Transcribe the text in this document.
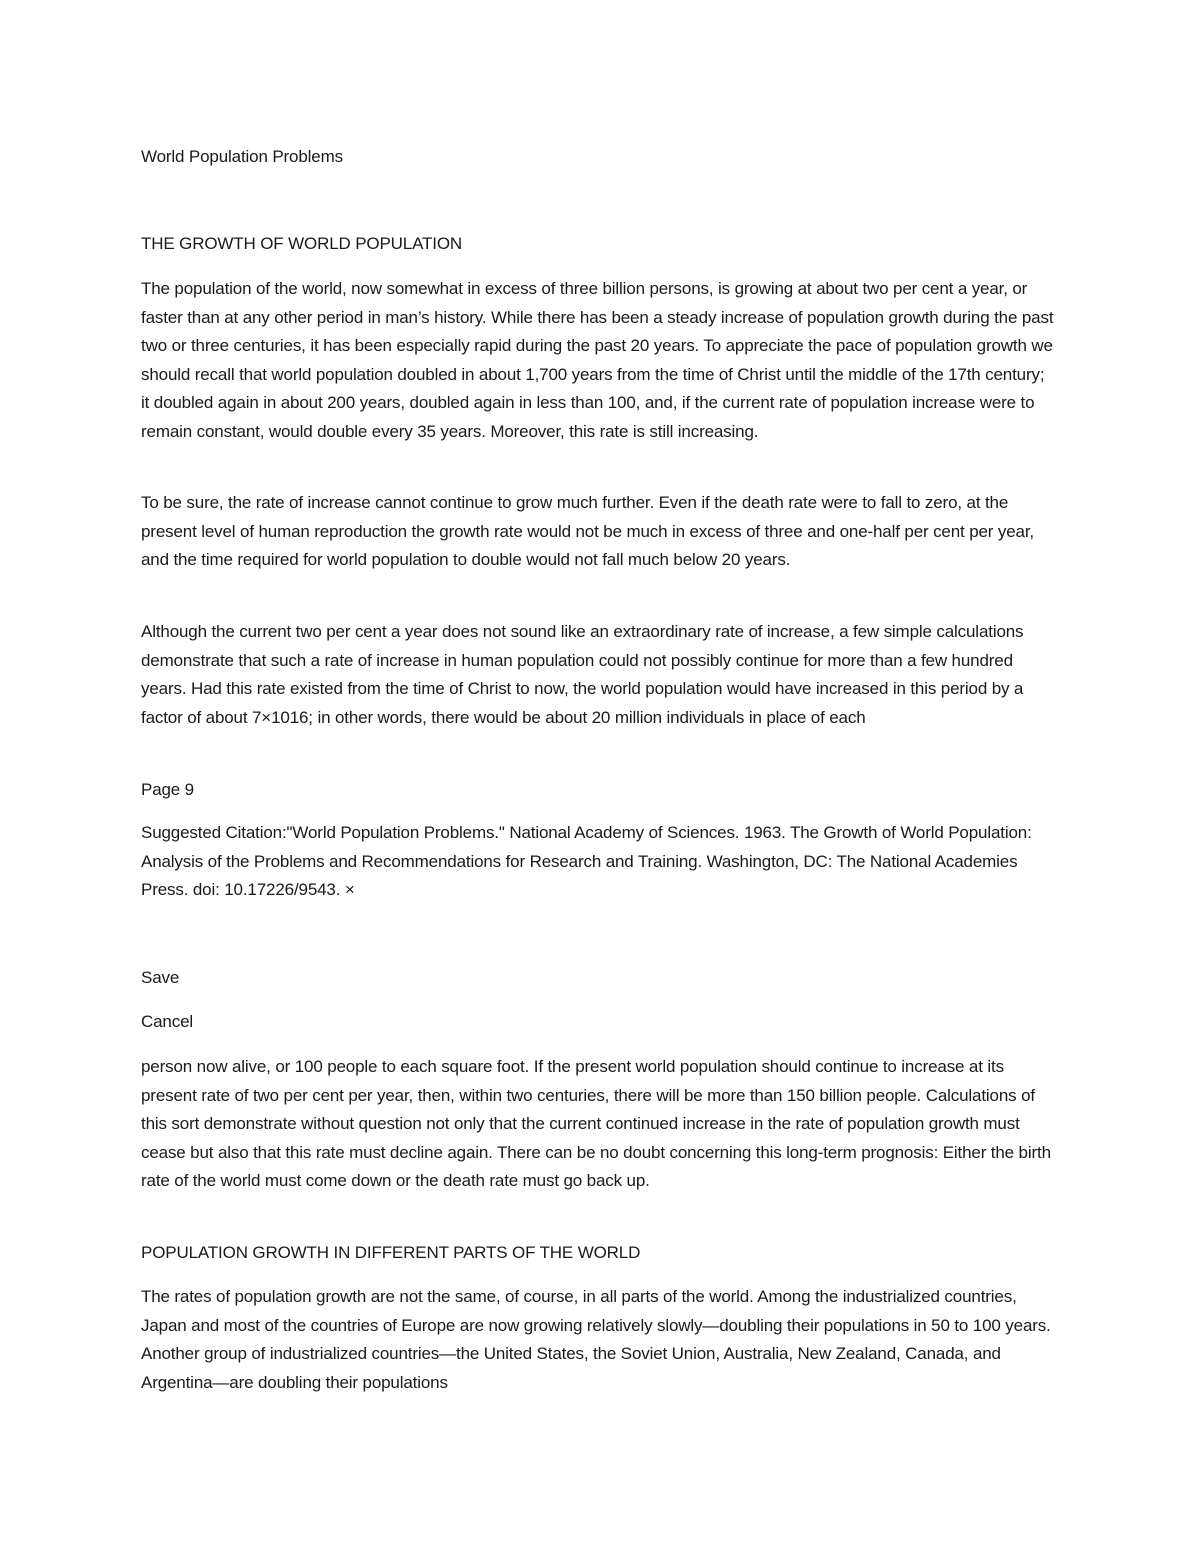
World Population Problems
THE GROWTH OF WORLD POPULATION
The population of the world, now somewhat in excess of three billion persons, is growing at about two per cent a year, or faster than at any other period in man’s history. While there has been a steady increase of population growth during the past two or three centuries, it has been especially rapid during the past 20 years. To appreciate the pace of population growth we should recall that world population doubled in about 1,700 years from the time of Christ until the middle of the 17th century; it doubled again in about 200 years, doubled again in less than 100, and, if the current rate of population increase were to remain constant, would double every 35 years. Moreover, this rate is still increasing.
To be sure, the rate of increase cannot continue to grow much further. Even if the death rate were to fall to zero, at the present level of human reproduction the growth rate would not be much in excess of three and one-half per cent per year, and the time required for world population to double would not fall much below 20 years.
Although the current two per cent a year does not sound like an extraordinary rate of increase, a few simple calculations demonstrate that such a rate of increase in human population could not possibly continue for more than a few hundred years. Had this rate existed from the time of Christ to now, the world population would have increased in this period by a factor of about 7×1016; in other words, there would be about 20 million individuals in place of each
Page 9
Suggested Citation:"World Population Problems." National Academy of Sciences. 1963. The Growth of World Population: Analysis of the Problems and Recommendations for Research and Training. Washington, DC: The National Academies Press. doi: 10.17226/9543. ×
Save
Cancel
person now alive, or 100 people to each square foot. If the present world population should continue to increase at its present rate of two per cent per year, then, within two centuries, there will be more than 150 billion people. Calculations of this sort demonstrate without question not only that the current continued increase in the rate of population growth must cease but also that this rate must decline again. There can be no doubt concerning this long-term prognosis: Either the birth rate of the world must come down or the death rate must go back up.
POPULATION GROWTH IN DIFFERENT PARTS OF THE WORLD
The rates of population growth are not the same, of course, in all parts of the world. Among the industrialized countries, Japan and most of the countries of Europe are now growing relatively slowly—doubling their populations in 50 to 100 years. Another group of industrialized countries—the United States, the Soviet Union, Australia, New Zealand, Canada, and Argentina—are doubling their populations
